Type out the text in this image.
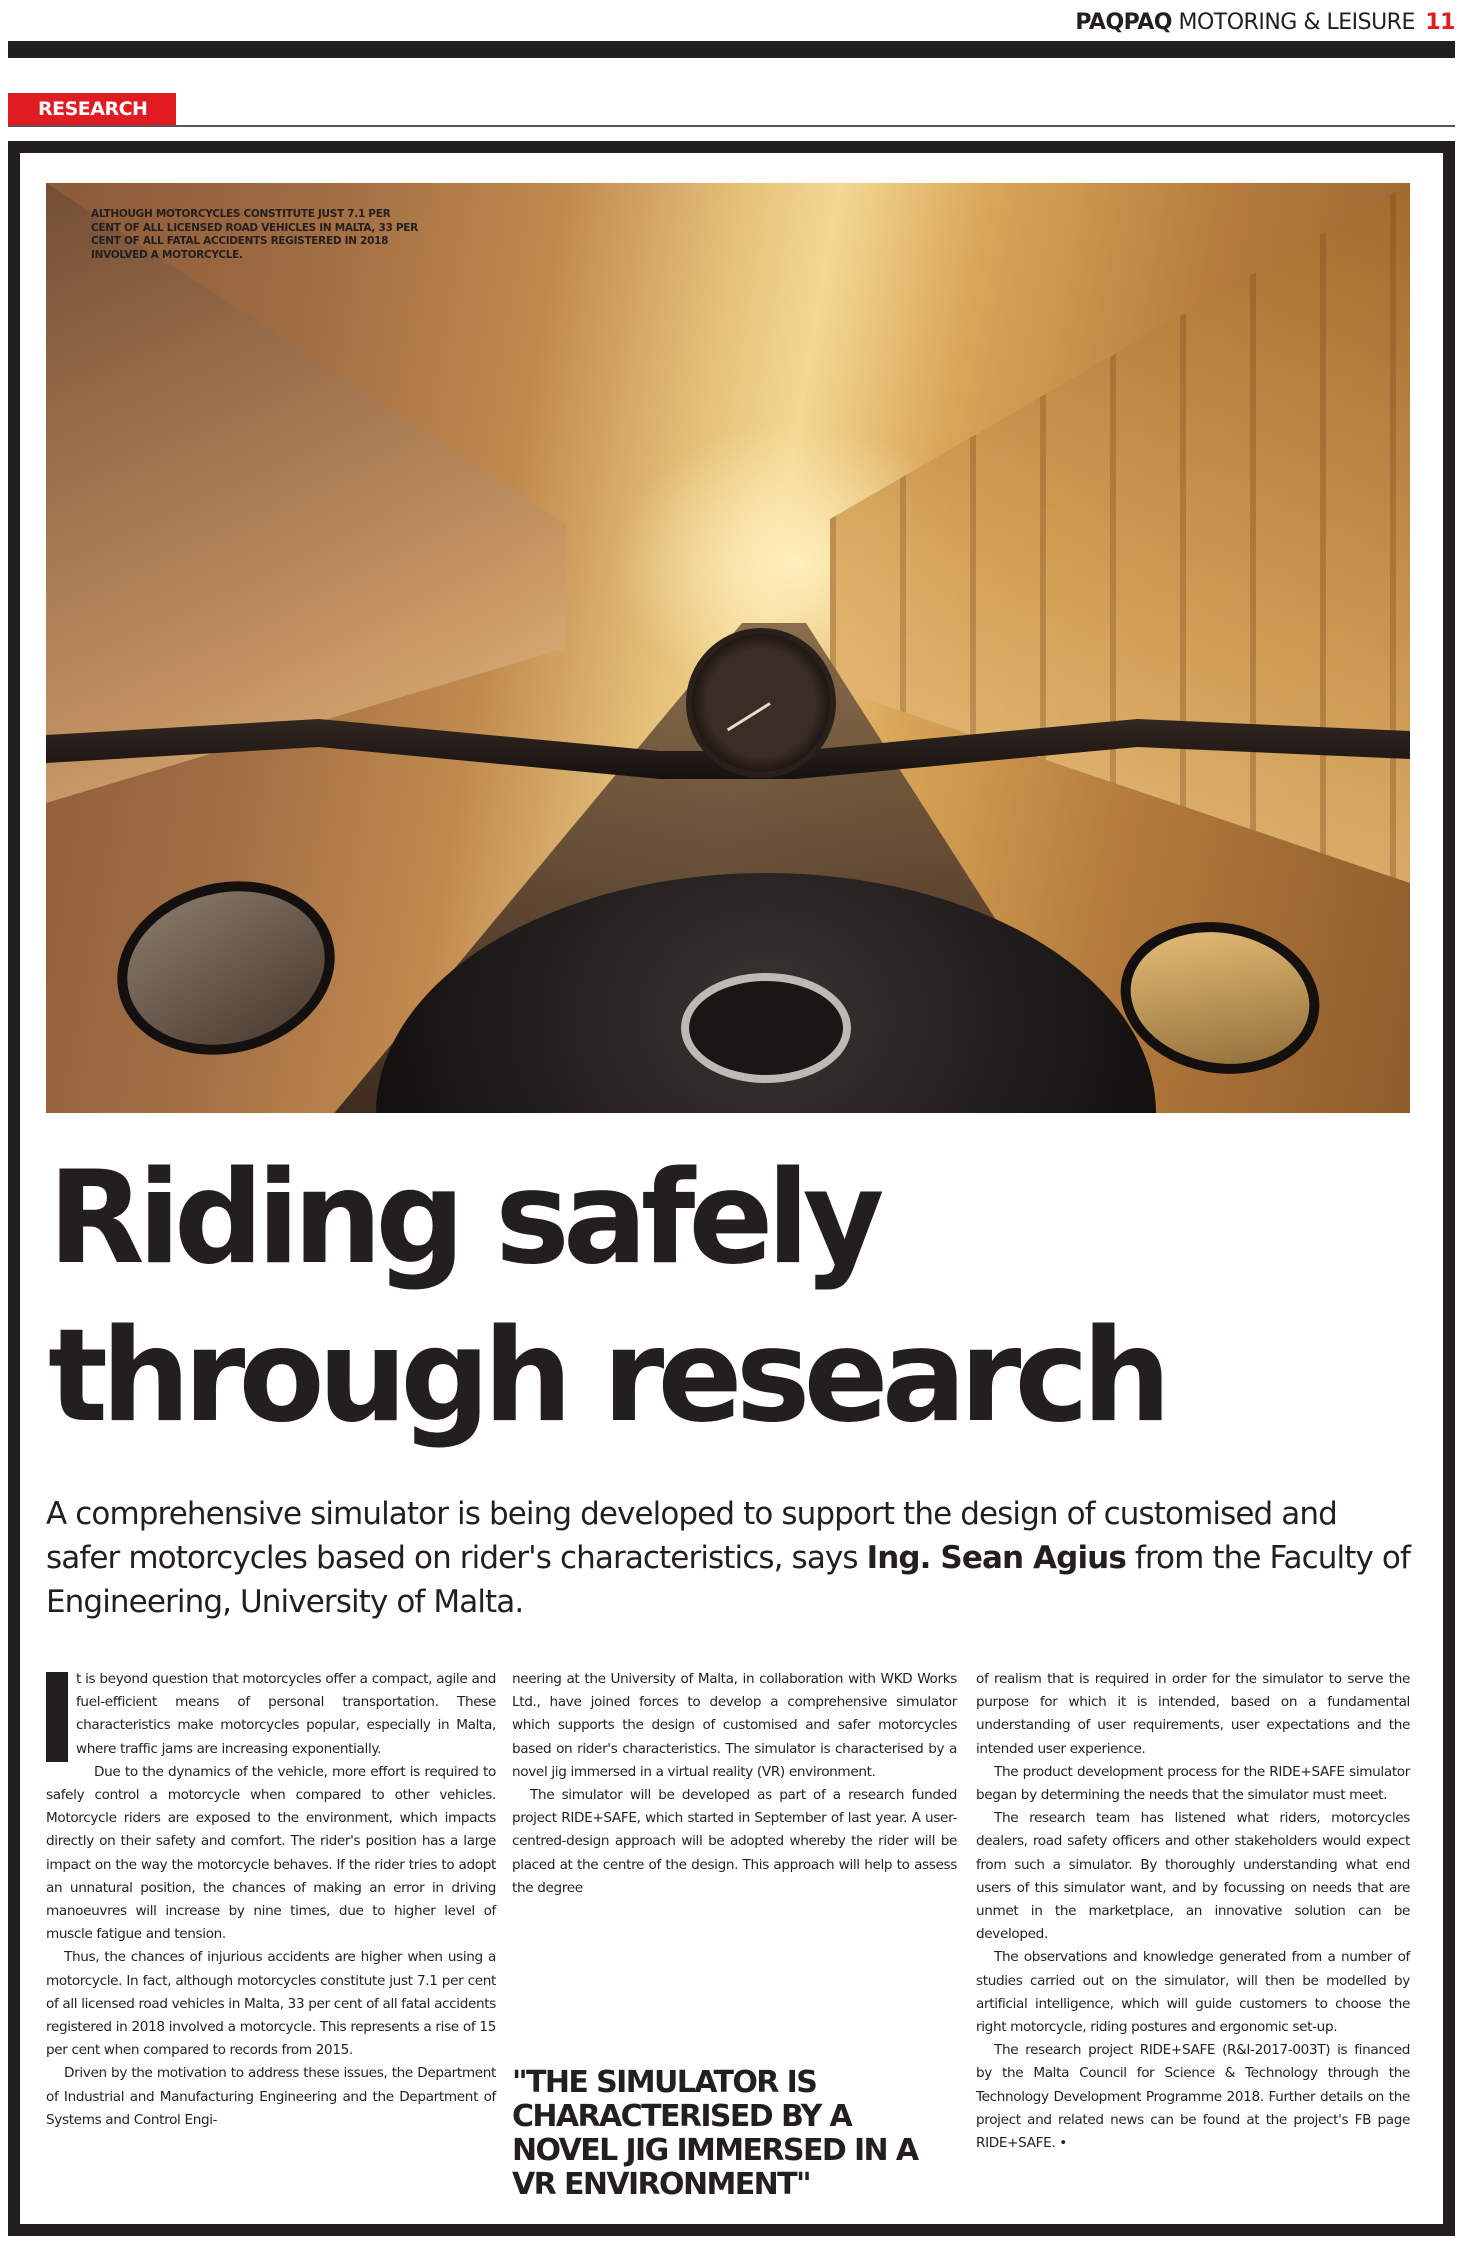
PAQPAQ MOTORING & LEISURE 11
RESEARCH
ALTHOUGH MOTORCYCLES CONSTITUTE JUST 7.1 PER CENT OF ALL LICENSED ROAD VEHICLES IN MALTA, 33 PER CENT OF ALL FATAL ACCIDENTS REGISTERED IN 2018 INVOLVED A MOTORCYCLE.
Riding safely
through research

A comprehensive simulator is being developed to support the design of customised and safer motorcycles based on rider's characteristics, says Ing. Sean Agius from the Faculty of Engineering, University of Malta.

t is beyond question that motorcycles offer a compact, agile and fuel-efficient means of personal transportation. These characteristics make motorcycles popular, especially in Malta, where traffic jams are increasing exponentially.

Due to the dynamics of the vehicle, more effort is required to safely control a motorcycle when compared to other vehicles. Motorcycle riders are exposed to the environment, which impacts directly on their safety and comfort. The rider's position has a large impact on the way the motorcycle behaves. If the rider tries to adopt an unnatural position, the chances of making an error in driving manoeuvres will increase by nine times, due to higher level of muscle fatigue and tension.

Thus, the chances of injurious accidents are higher when using a motorcycle. In fact, although motorcycles constitute just 7.1 per cent of all licensed road vehicles in Malta, 33 per cent of all fatal accidents registered in 2018 involved a motorcycle. This represents a rise of 15 per cent when compared to records from 2015.

Driven by the motivation to address these issues, the Department of Industrial and Manufacturing Engineering and the Department of Systems and Control Engi-

neering at the University of Malta, in collaboration with WKD Works Ltd., have joined forces to develop a comprehensive simulator which supports the design of customised and safer motorcycles based on rider's characteristics. The simulator is characterised by a novel jig immersed in a virtual reality (VR) environment.

The simulator will be developed as part of a research funded project RIDE+SAFE, which started in September of last year. A user-centred-design approach will be adopted whereby the rider will be placed at the centre of the design. This approach will help to assess the degree

"THE SIMULATOR IS CHARACTERISED BY A NOVEL JIG IMMERSED IN A VR ENVIRONMENT"

of realism that is required in order for the simulator to serve the purpose for which it is intended, based on a fundamental understanding of user requirements, user expectations and the intended user experience.

The product development process for the RIDE+SAFE simulator began by determining the needs that the simulator must meet.

The research team has listened what riders, motorcycles dealers, road safety officers and other stakeholders would expect from such a simulator. By thoroughly understanding what end users of this simulator want, and by focussing on needs that are unmet in the marketplace, an innovative solution can be developed.

The observations and knowledge generated from a number of studies carried out on the simulator, will then be modelled by artificial intelligence, which will guide customers to choose the right motorcycle, riding postures and ergonomic set-up.

The research project RIDE+SAFE (R&I-2017-003T) is financed by the Malta Council for Science & Technology through the Technology Development Programme 2018. Further details on the project and related news can be found at the project's FB page RIDE+SAFE. •
